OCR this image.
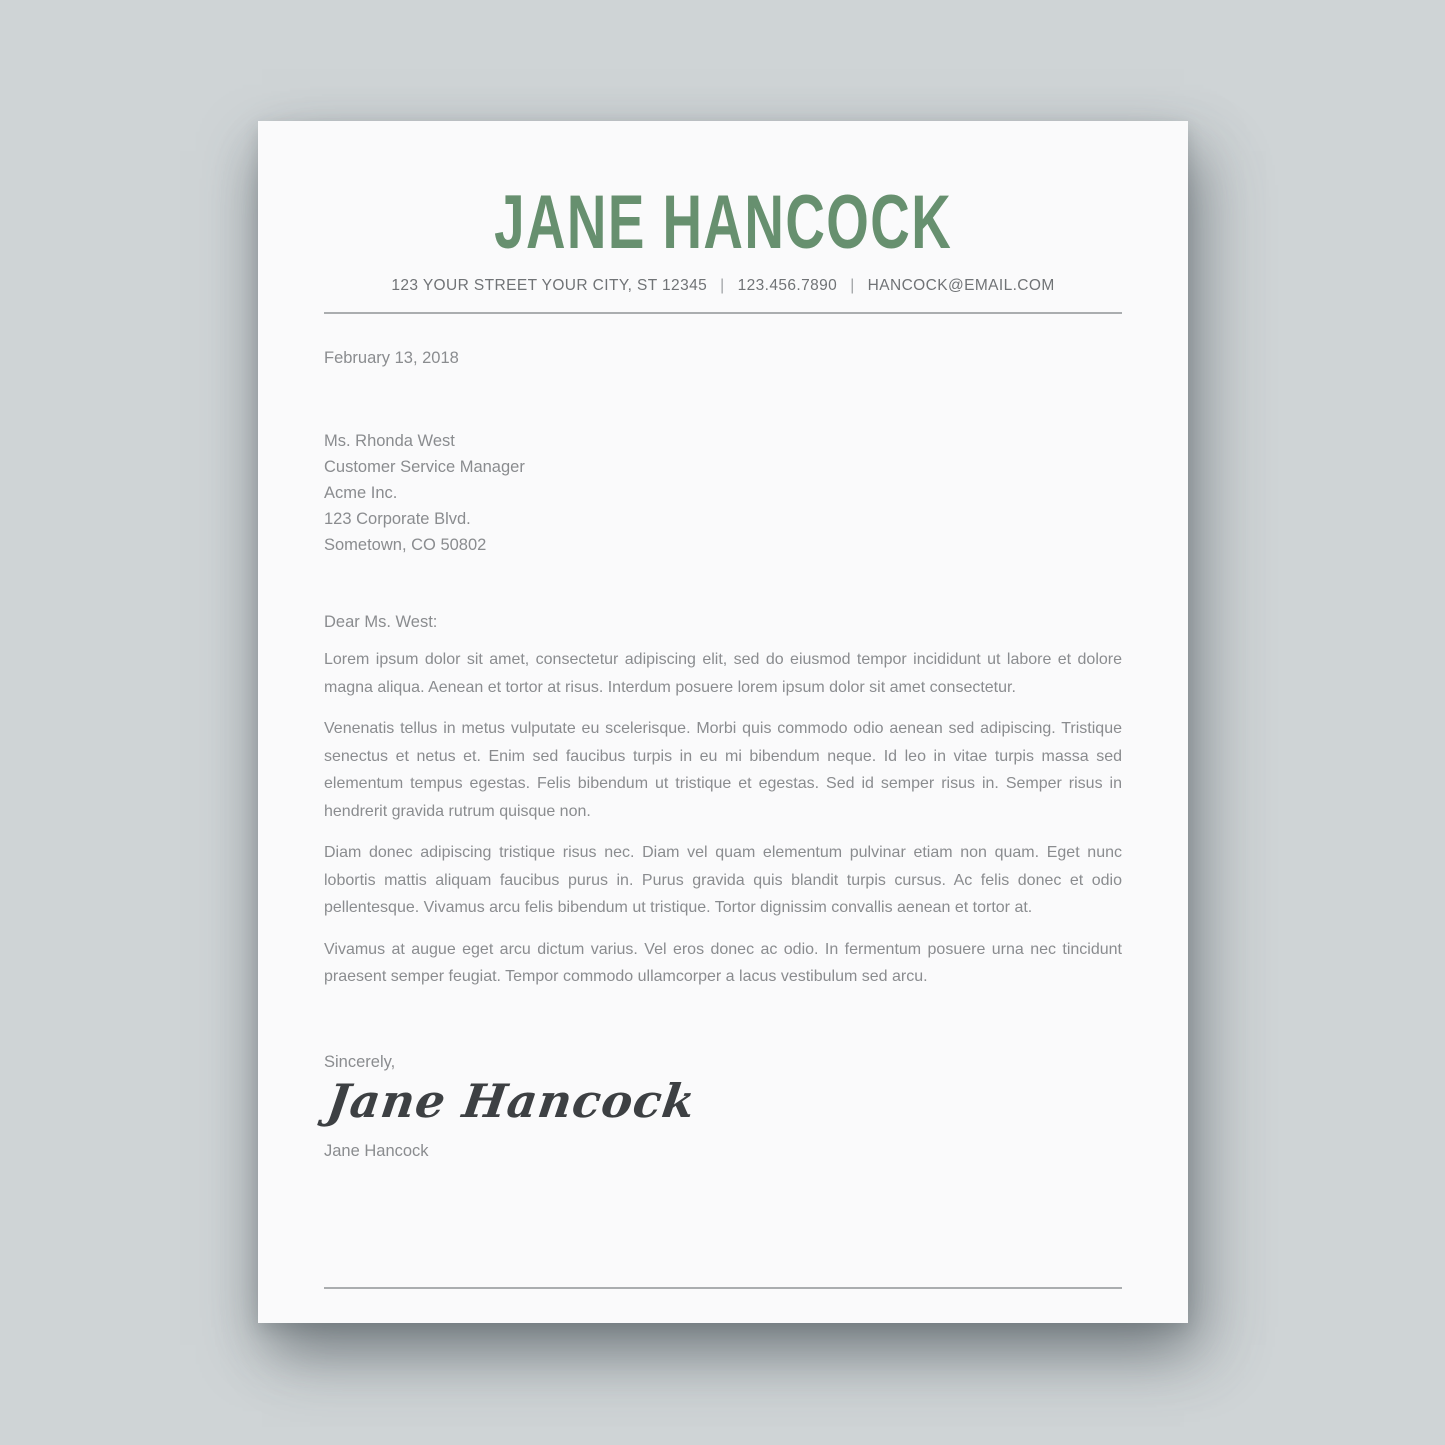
JANE HANCOCK
123 YOUR STREET YOUR CITY, ST 12345 | 123.456.7890 | HANCOCK@EMAIL.COM
February 13, 2018
Ms. Rhonda West
Customer Service Manager
Acme Inc.
123 Corporate Blvd.
Sometown, CO 50802
Dear Ms. West:

Lorem ipsum dolor sit amet, consectetur adipiscing elit, sed do eiusmod tempor incididunt ut labore et dolore magna aliqua. Aenean et tortor at risus. Interdum posuere lorem ipsum dolor sit amet consectetur.

Venenatis tellus in metus vulputate eu scelerisque. Morbi quis commodo odio aenean sed adipiscing. Tristique senectus et netus et. Enim sed faucibus turpis in eu mi bibendum neque. Id leo in vitae turpis massa sed elementum tempus egestas. Felis bibendum ut tristique et egestas. Sed id semper risus in. Semper risus in hendrerit gravida rutrum quisque non.

Diam donec adipiscing tristique risus nec. Diam vel quam elementum pulvinar etiam non quam. Eget nunc lobortis mattis aliquam faucibus purus in. Purus gravida quis blandit turpis cursus. Ac felis donec et odio pellentesque. Vivamus arcu felis bibendum ut tristique. Tortor dignissim convallis aenean et tortor at.

Vivamus at augue eget arcu dictum varius. Vel eros donec ac odio. In fermentum posuere urna nec tincidunt praesent semper feugiat. Tempor commodo ullamcorper a lacus vestibulum sed arcu.

Sincerely,
Jane Hancock
Jane Hancock
